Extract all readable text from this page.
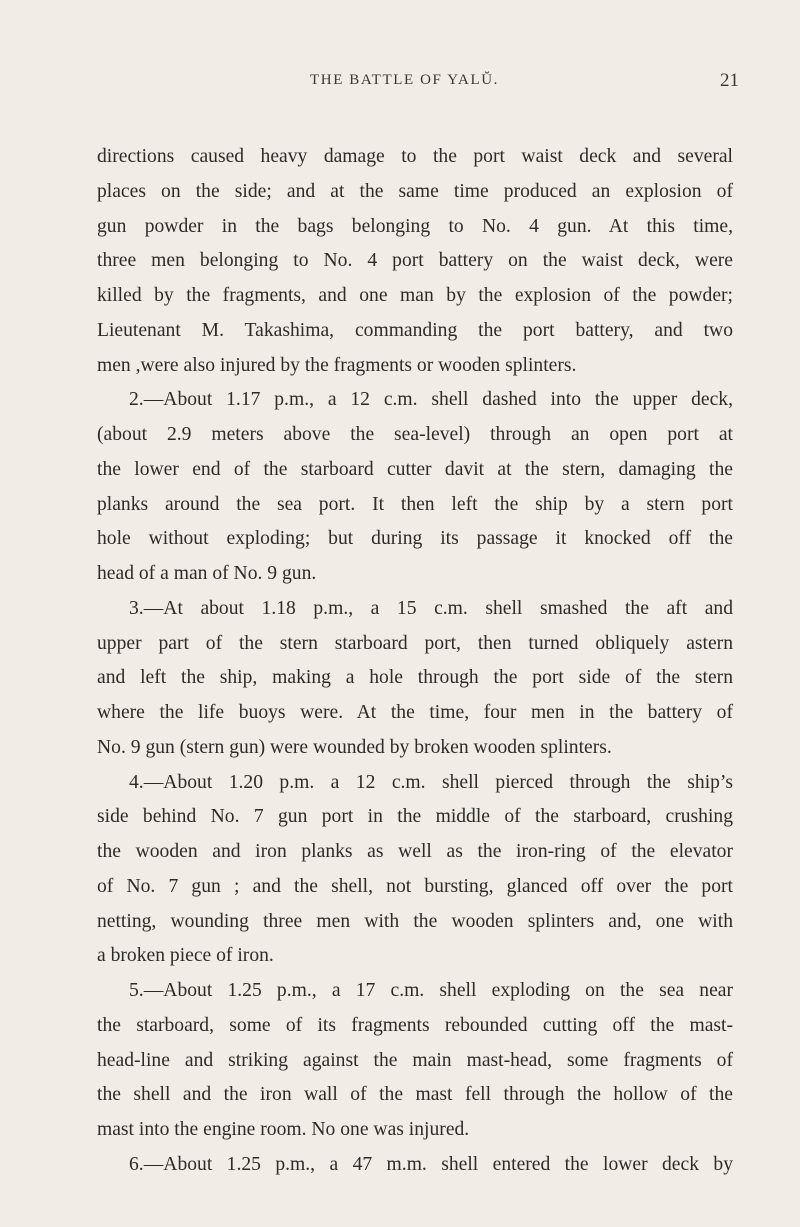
THE BATTLE OF YALŬ.	21
directions caused heavy damage to the port waist deck and several
places on the side; and at the same time produced an explosion of
gun powder in the bags belonging to No. 4 gun. At this time,
three men belonging to No. 4 port battery on the waist deck, were
killed by the fragments, and one man by the explosion of the powder;
Lieutenant M. Takashima, commanding the port battery, and two
men ,were also injured by the fragments or wooden splinters.
2.—About 1.17 p.m., a 12 c.m. shell dashed into the upper deck,
(about 2.9 meters above the sea-level) through an open port at
the lower end of the starboard cutter davit at the stern, damaging the
planks around the sea port. It then left the ship by a stern port
hole without exploding; but during its passage it knocked off the
head of a man of No. 9 gun.
3.—At about 1.18 p.m., a 15 c.m. shell smashed the aft and
upper part of the stern starboard port, then turned obliquely astern
and left the ship, making a hole through the port side of the stern
where the life buoys were. At the time, four men in the battery of
No. 9 gun (stern gun) were wounded by broken wooden splinters.
4.—About 1.20 p.m. a 12 c.m. shell pierced through the ship’s
side behind No. 7 gun port in the middle of the starboard, crushing
the wooden and iron planks as well as the iron-ring of the elevator
of No. 7 gun ; and the shell, not bursting, glanced off over the port
netting, wounding three men with the wooden splinters and, one with
a broken piece of iron.
5.—About 1.25 p.m., a 17 c.m. shell exploding on the sea near
the starboard, some of its fragments rebounded cutting off the mast-
head-line and striking against the main mast-head, some fragments of
the shell and the iron wall of the mast fell through the hollow of the
mast into the engine room. No one was injured.
6.—About 1.25 p.m., a 47 m.m. shell entered the lower deck by
